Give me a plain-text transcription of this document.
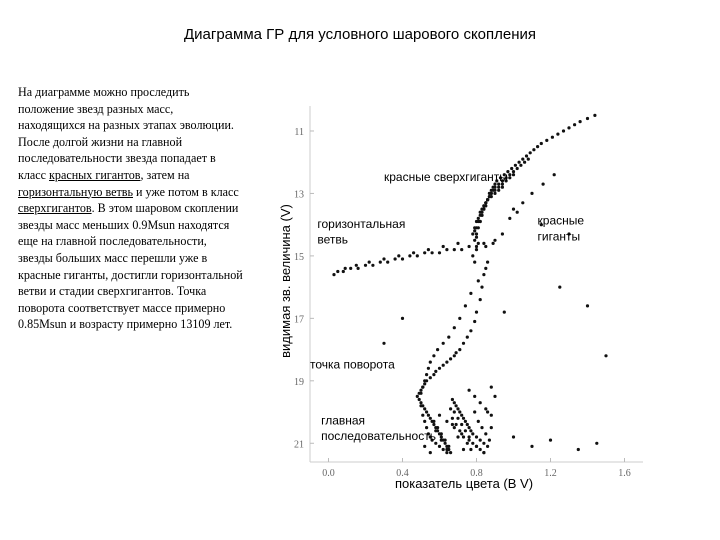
Диаграмма ГР для условного шарового скопления
На диаграмме можно проследить положение звезд разных масс, находящихся на разных этапах эволюции. После долгой жизни на главной последовательности звезда попадает в класс красных гигантов, затем на горизонтальную ветвь и уже потом в класс сверхгигантов. В этом шаровом скоплении звезды масс меньших 0.9Msun находятся еще на главной последовательности, звезды больших масс перешли уже в красные гиганты, достигли горизонтальной ветви и стадии сверхгигантов. Точка поворота соответствует массе примерно 0.85Msun и возрасту примерно 13109 лет.
0.0	0.4	0.8	1.2	1.6
11
13
15
17
19
21
красные сверхгиганты
горизонтальная
ветвь
красные
гиганты
точка поворота
главная
последовательность
показатель цвета (B V)
видимая зв. величина (V)
